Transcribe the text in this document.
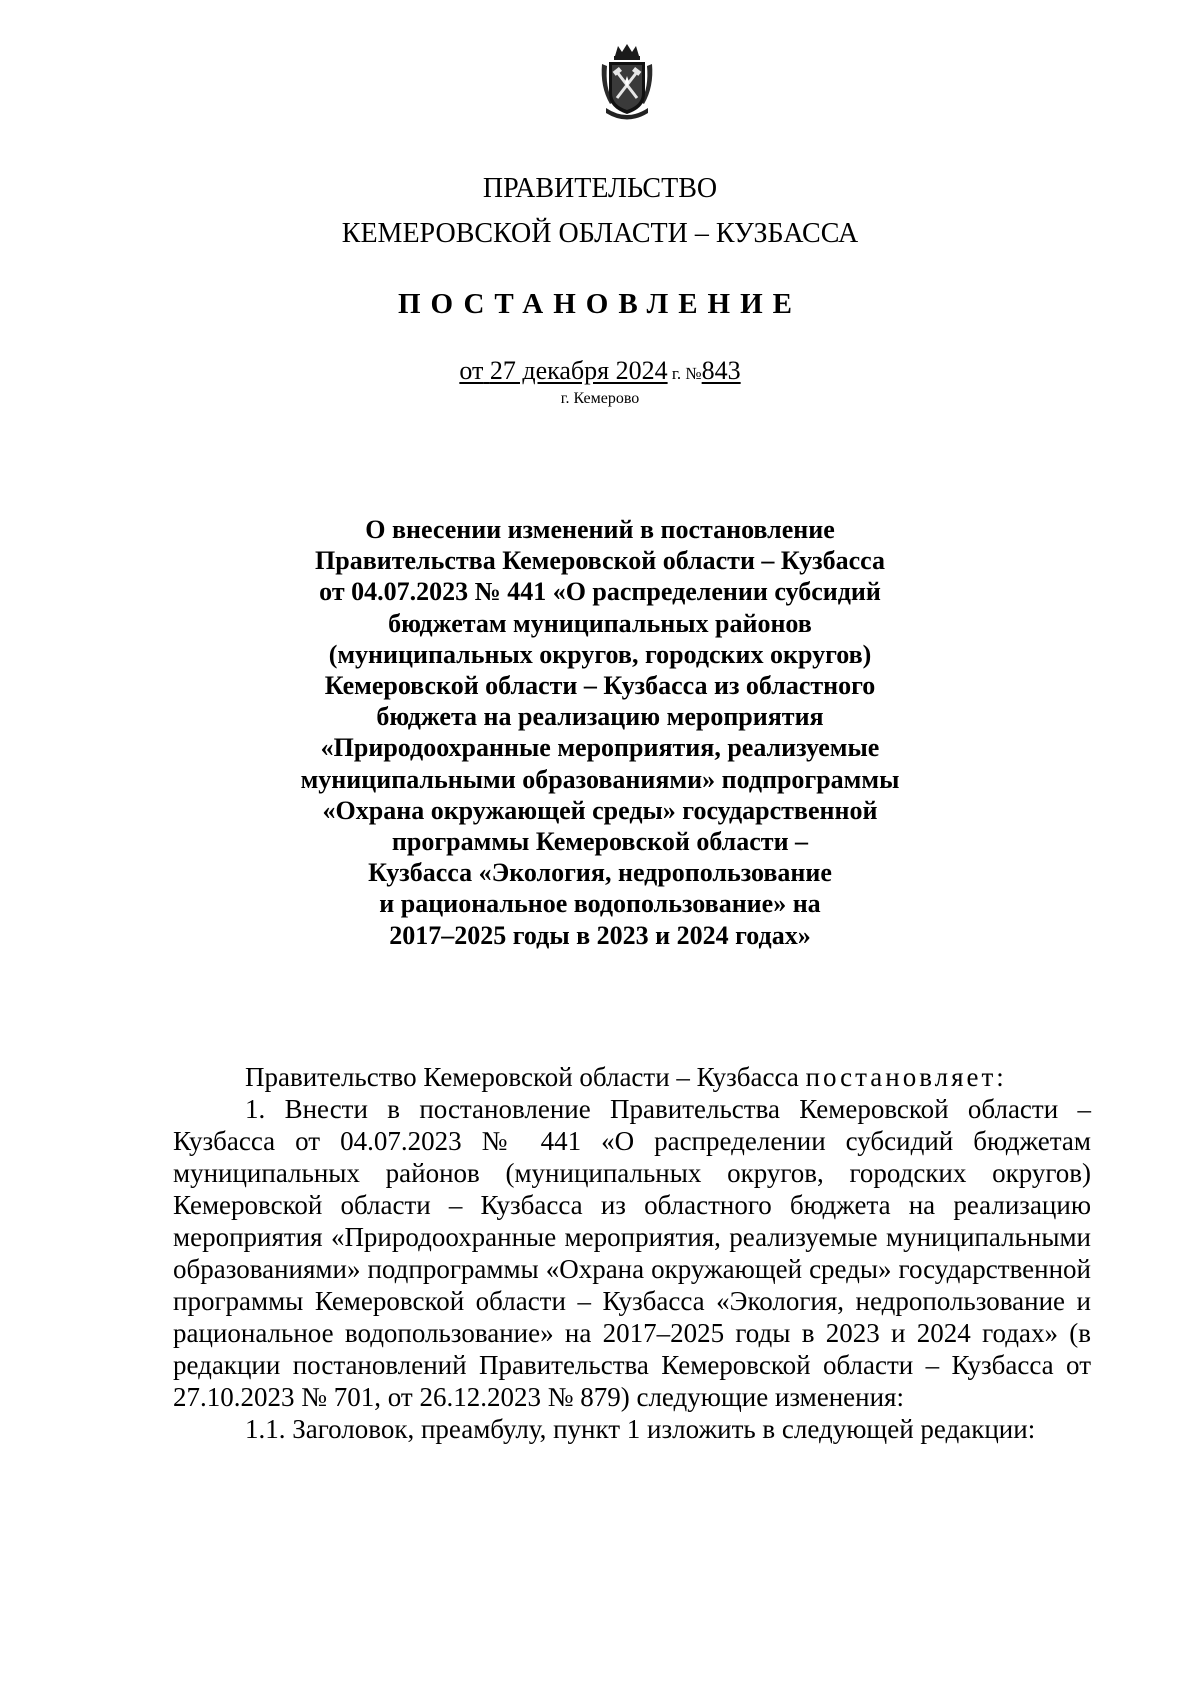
ПРАВИТЕЛЬСТВО
КЕМЕРОВСКОЙ ОБЛАСТИ – КУЗБАССА
ПОСТАНОВЛЕНИЕ
от 27 декабря 2024 г. №843
г. Кемерово
О внесении изменений в постановление
Правительства Кемеровской области – Кузбасса
от 04.07.2023 № 441 «О распределении субсидий
бюджетам муниципальных районов
(муниципальных округов, городских округов)
Кемеровской области – Кузбасса из областного
бюджета на реализацию мероприятия
«Природоохранные мероприятия, реализуемые
муниципальными образованиями» подпрограммы
«Охрана окружающей среды» государственной
программы Кемеровской области –
Кузбасса «Экология, недропользование
и рациональное водопользование» на
2017–2025 годы в 2023 и 2024 годах»

Правительство Кемеровской области – Кузбасса постановляет:

1. Внести в постановление Правительства Кемеровской области – Кузбасса от 04.07.2023 № 441 «О распределении субсидий бюджетам муниципальных районов (муниципальных округов, городских округов) Кемеровской области – Кузбасса из областного бюджета на реализацию мероприятия «Природоохранные мероприятия, реализуемые муниципальными образованиями» подпрограммы «Охрана окружающей среды» государственной программы Кемеровской области – Кузбасса «Экология, недропользование и рациональное водопользование» на 2017–2025 годы в 2023 и 2024 годах» (в редакции постановлений Правительства Кемеровской области – Кузбасса от 27.10.2023 № 701, от 26.12.2023 № 879) следующие изменения:

1.1. Заголовок, преамбулу, пункт 1 изложить в следующей редакции:
